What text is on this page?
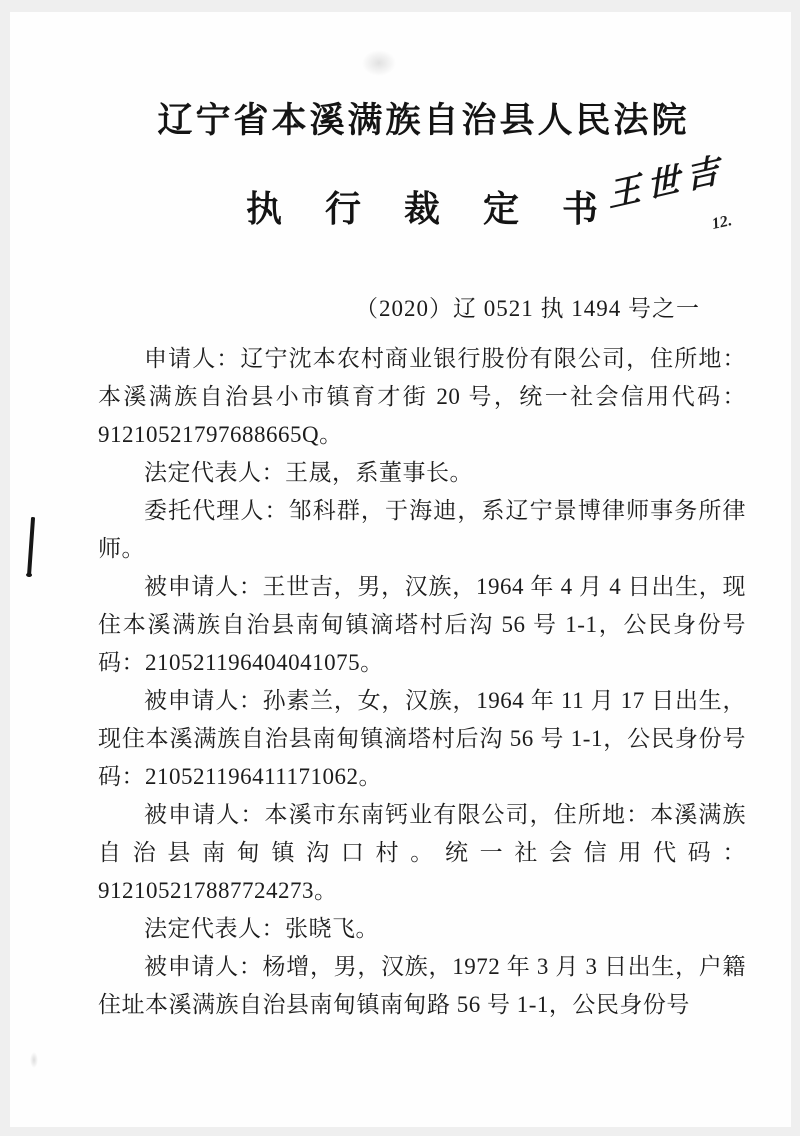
王世吉
12.
辽宁省本溪满族自治县人民法院
执 行 裁 定 书
（2020）辽 0521 执 1494 号之一

申请人：辽宁沈本农村商业银行股份有限公司，住所地：本溪满族自治县小市镇育才街 20 号，统一社会信用代码：91210521797688665Q。

法定代表人：王晟，系董事长。

委托代理人：邹科群，于海迪，系辽宁景博律师事务所律师。

被申请人：王世吉，男，汉族，1964 年 4 月 4 日出生，现住本溪满族自治县南甸镇滴塔村后沟 56 号 1-1，公民身份号码：210521196404041075。

被申请人：孙素兰，女，汉族，1964 年 11 月 17 日出生，现住本溪满族自治县南甸镇滴塔村后沟 56 号 1-1，公民身份号码：210521196411171062。

被申请人：本溪市东南钙业有限公司，住所地：本溪满族自治县南甸镇沟口村。统一社会信用代码：912105217887724273。

法定代表人：张晓飞。

被申请人：杨增，男，汉族，1972 年 3 月 3 日出生，户籍住址本溪满族自治县南甸镇南甸路 56 号 1-1，公民身份号
